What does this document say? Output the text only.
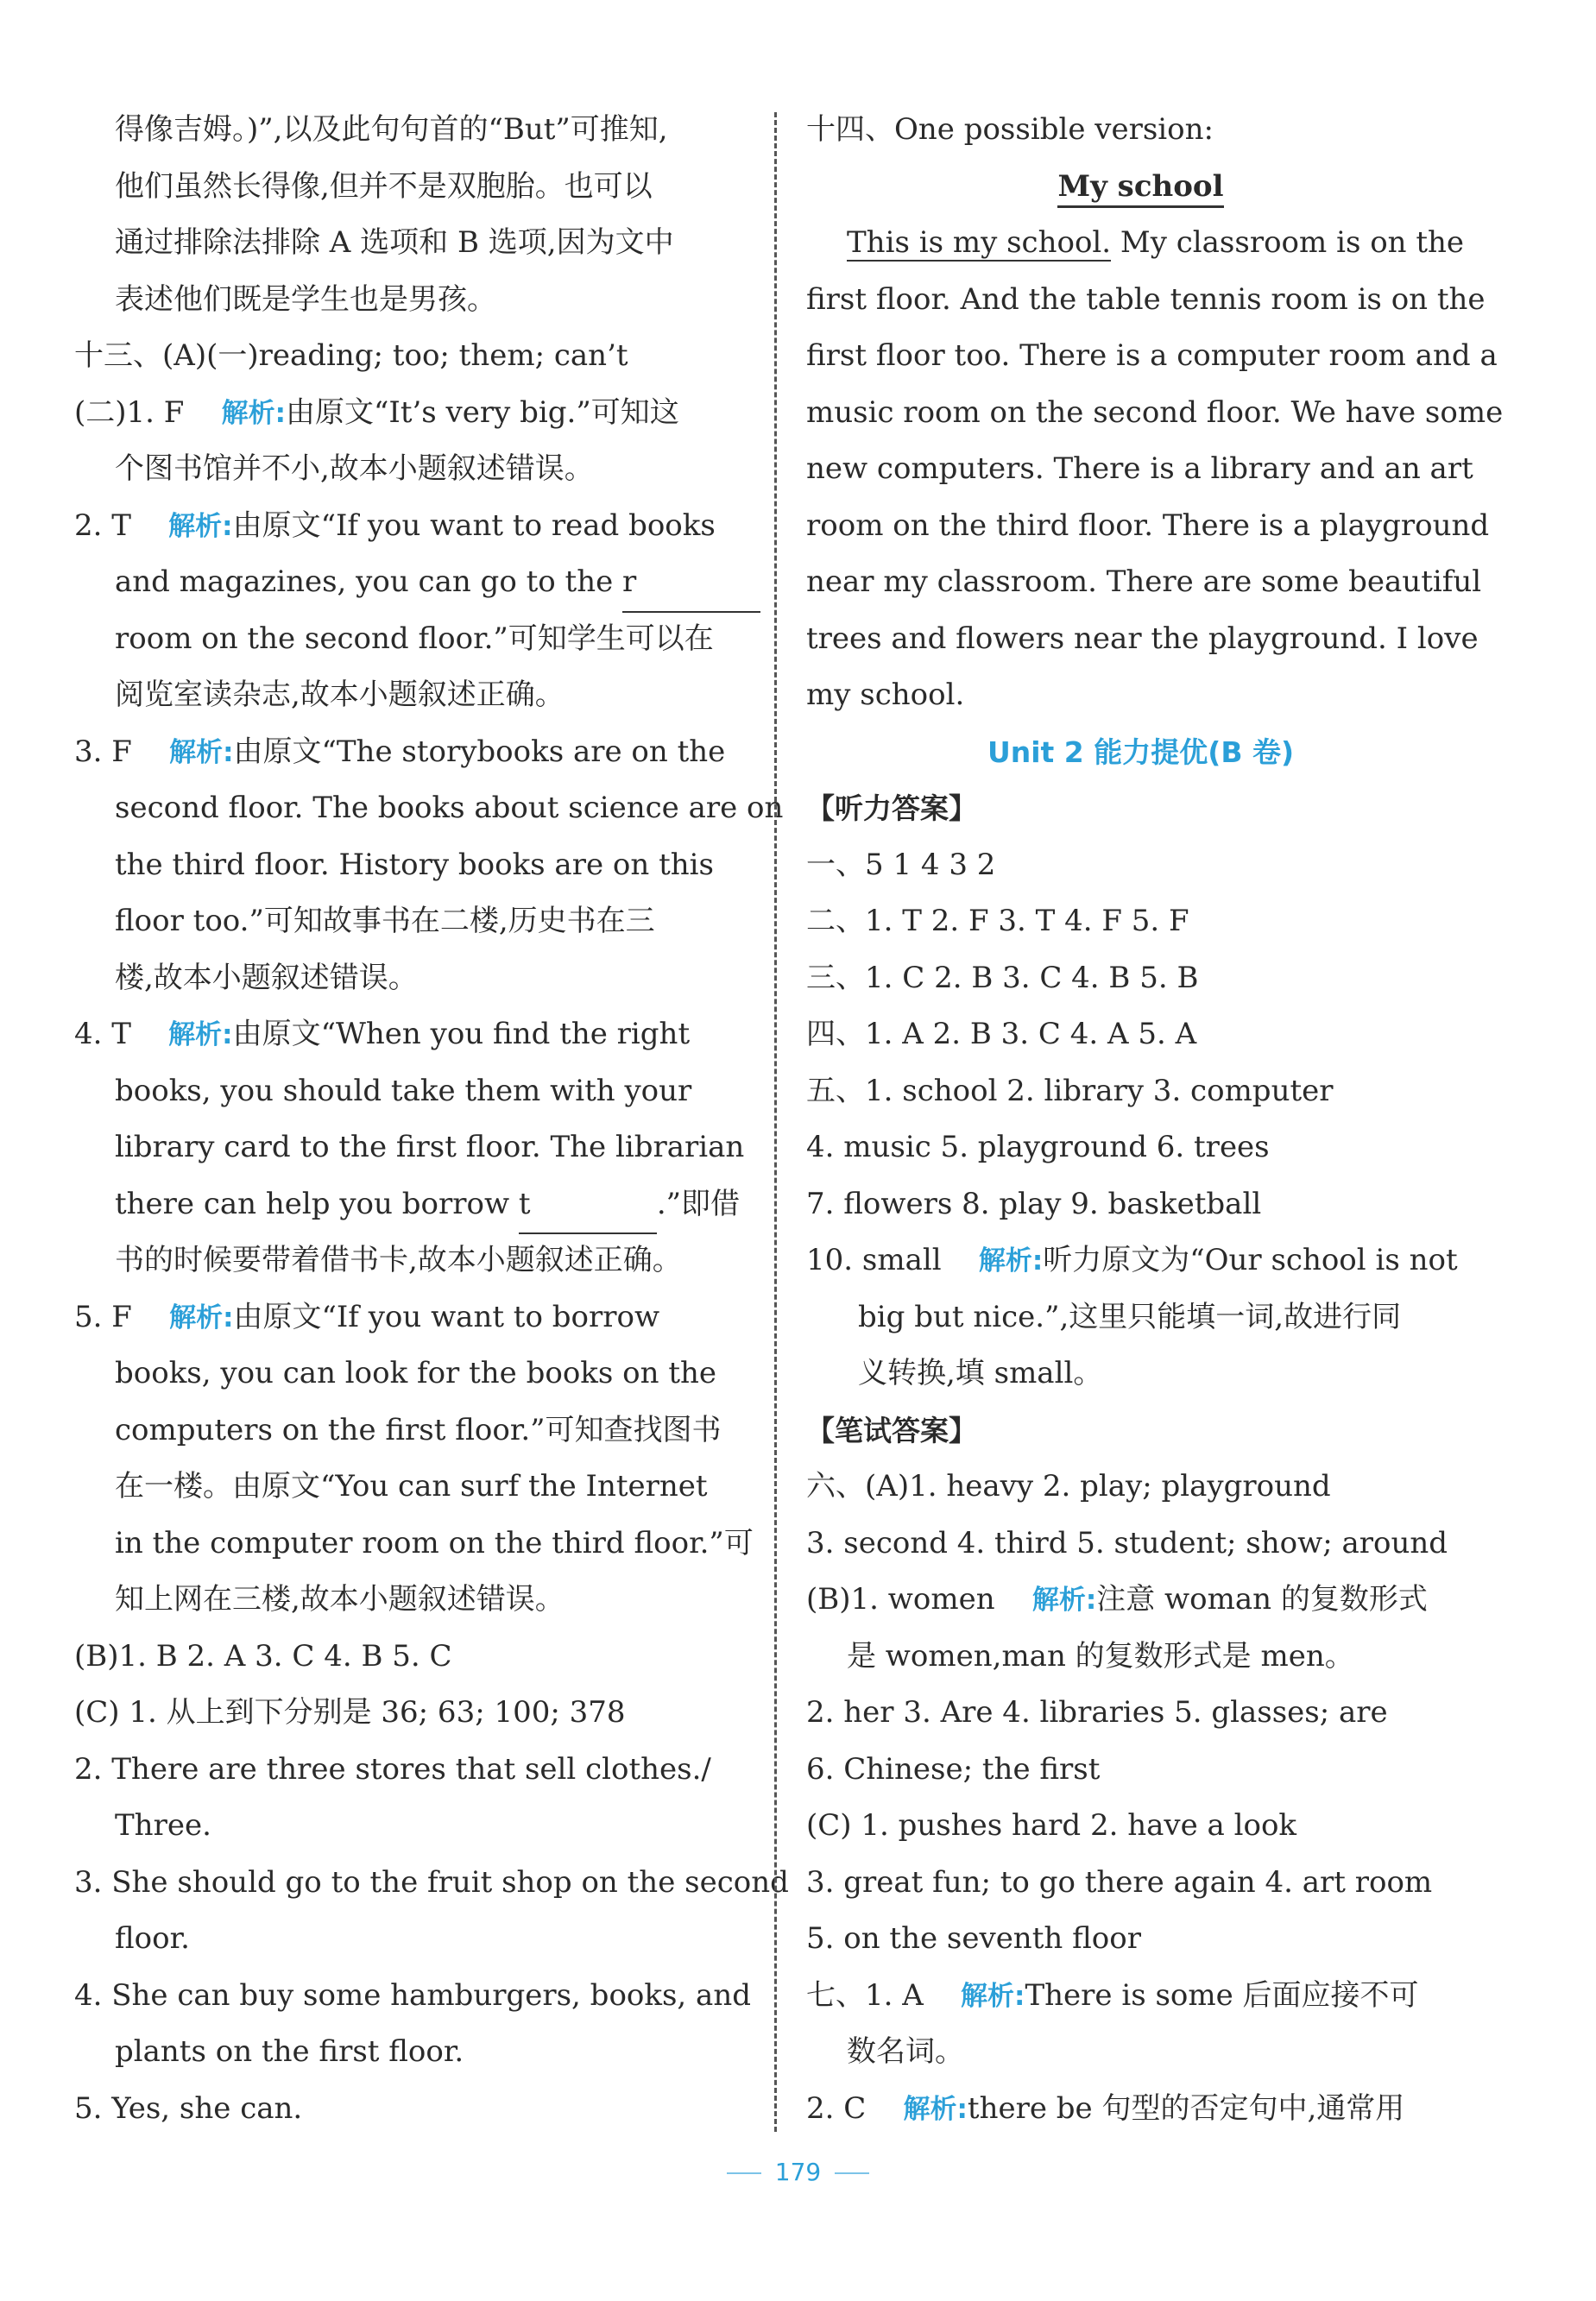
得像吉姆。)”,以及此句句首的“But”可推知,
他们虽然长得像,但并不是双胞胎。也可以
通过排除法排除 A 选项和 B 选项,因为文中
表述他们既是学生也是男孩。
十三、(A)(一)reading; too; them; can’t
(二)1. F 解析:由原文“It’s very big.”可知这
个图书馆并不小,故本小题叙述错误。
2. T 解析:由原文“If you want to read books
and magazines, you can go to the r
room on the second floor.”可知学生可以在
阅览室读杂志,故本小题叙述正确。
3. F 解析:由原文“The storybooks are on the
second floor. The books about science are on
the third floor. History books are on this
floor too.”可知故事书在二楼,历史书在三
楼,故本小题叙述错误。
4. T 解析:由原文“When you find the right
books, you should take them with your
library card to the first floor. The librarian
there can help you borrow t	.”即借
书的时候要带着借书卡,故本小题叙述正确。
5. F 解析:由原文“If you want to borrow
books, you can look for the books on the
computers on the first floor.”可知查找图书
在一楼。由原文“You can surf the Internet
in the computer room on the third floor.”可
知上网在三楼,故本小题叙述错误。
(B)1. B 2. A 3. C 4. B 5. C
(C) 1. 从上到下分别是 36; 63; 100; 378
2. There are three stores that sell clothes./
Three.
3. She should go to the fruit shop on the second
floor.
4. She can buy some hamburgers, books, and
plants on the first floor.
5. Yes, she can.
十四、One possible version:
My school
This is my school. My classroom is on the
first floor. And the table tennis room is on the
first floor too. There is a computer room and a
music room on the second floor. We have some
new computers. There is a library and an art
room on the third floor. There is a playground
near my classroom. There are some beautiful
trees and flowers near the playground. I love
my school.
Unit 2 能力提优(B 卷)
【听力答案】
一、5 1 4 3 2
二、1. T 2. F 3. T 4. F 5. F
三、1. C 2. B 3. C 4. B 5. B
四、1. A 2. B 3. C 4. A 5. A
五、1. school 2. library 3. computer
4. music 5. playground 6. trees
7. flowers 8. play 9. basketball
10. small 解析:听力原文为“Our school is not
big but nice.”,这里只能填一词,故进行同
义转换,填 small。
【笔试答案】
六、(A)1. heavy 2. play; playground
3. second 4. third 5. student; show; around
(B)1. women 解析:注意 woman 的复数形式
是 women,man 的复数形式是 men。
2. her 3. Are 4. libraries 5. glasses; are
6. Chinese; the first
(C) 1. pushes hard 2. have a look
3. great fun; to go there again 4. art room
5. on the seventh floor
七、1. A 解析:There is some 后面应接不可
数名词。
2. C 解析:there be 句型的否定句中,通常用
179
